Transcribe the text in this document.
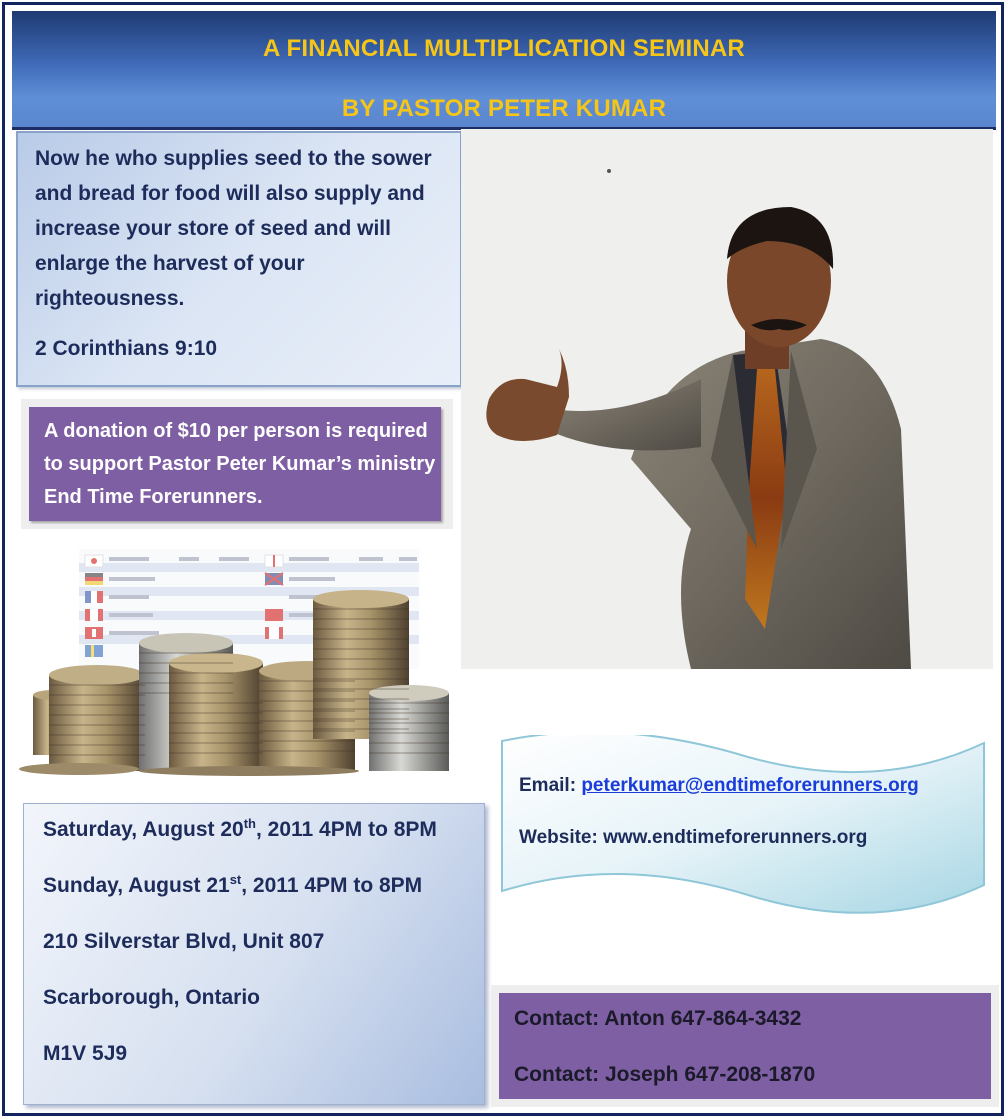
A FINANCIAL MULTIPLICATION SEMINAR
BY PASTOR PETER KUMAR
Now he who supplies seed to the sower and bread for food will also supply and increase your store of seed and will enlarge the harvest of your righteousness.
2 Corinthians 9:10
A donation of $10 per person is required to support Pastor Peter Kumar’s ministry End Time Forerunners.
Email: peterkumar@endtimeforerunners.org
Website: www.endtimeforerunners.org
Saturday, August 20th, 2011 4PM to 8PM
Sunday, August 21st, 2011 4PM to 8PM
210 Silverstar Blvd, Unit 807
Scarborough, Ontario
M1V 5J9
Contact: Anton 647-864-3432
Contact: Joseph 647-208-1870
